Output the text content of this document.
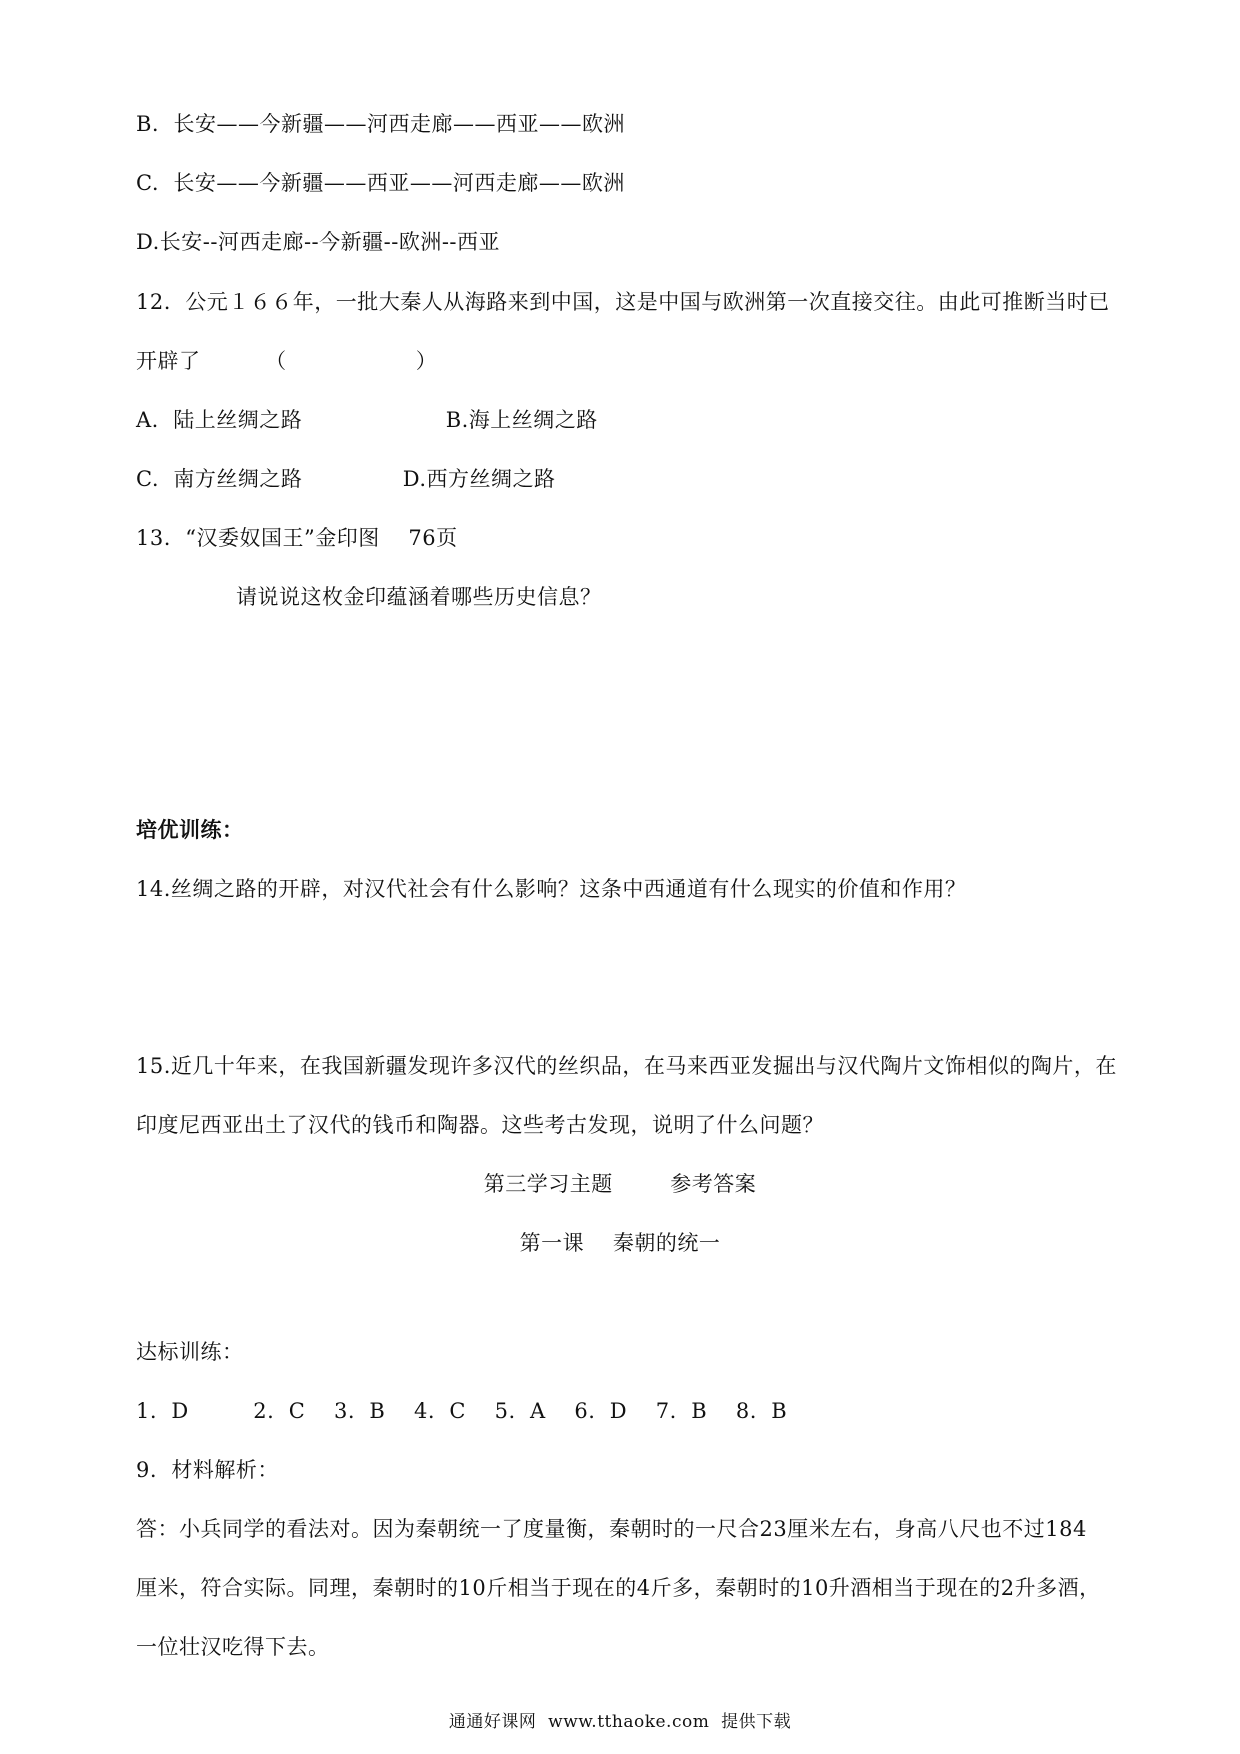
B.  长安——今新疆——河西走廊——西亚——欧洲
C.  长安——今新疆——西亚——河西走廊——欧洲
D.长安--河西走廊--今新疆--欧洲--西亚
12.  公元１６６年，一批大秦人从海路来到中国，这是中国与欧洲第一次直接交往。由此可推断当时已
开辟了         （                  ）
A.  陆上丝绸之路                    B.海上丝绸之路
C.  南方丝绸之路              D.西方丝绸之路
13.  “汉委奴国王”金印图    76页
请说说这枚金印蕴涵着哪些历史信息？
培优训练：
14.丝绸之路的开辟，对汉代社会有什么影响？这条中西通道有什么现实的价值和作用？
15.近几十年来，在我国新疆发现许多汉代的丝织品，在马来西亚发掘出与汉代陶片文饰相似的陶片，在
印度尼西亚出土了汉代的钱币和陶器。这些考古发现，说明了什么问题？
第三学习主题        参考答案
第一课    秦朝的统一
达标训练：
1.  D         2.  C    3.  B    4.  C    5.  A    6.  D    7.  B    8.  B
9.  材料解析：
答：小兵同学的看法对。因为秦朝统一了度量衡，秦朝时的一尺合23厘米左右，身高八尺也不过184
厘米，符合实际。同理，秦朝时的10斤相当于现在的4斤多，秦朝时的10升酒相当于现在的2升多酒，
一位壮汉吃得下去。
通通好课网  www.tthaoke.com  提供下载
